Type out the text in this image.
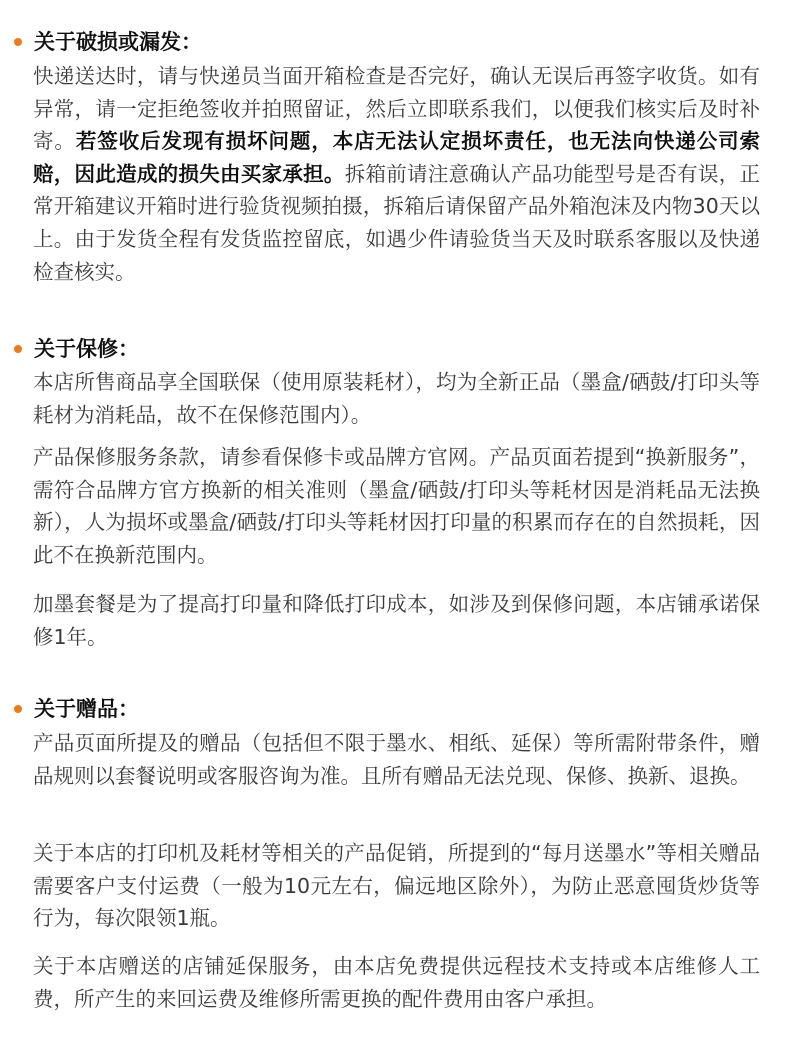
关于破损或漏发：

快递送达时，请与快递员当面开箱检查是否完好，确认无误后再签字收货。如有异常，请一定拒绝签收并拍照留证，然后立即联系我们，以便我们核实后及时补寄。若签收后发现有损坏问题，本店无法认定损坏责任，也无法向快递公司索赔，因此造成的损失由买家承担。拆箱前请注意确认产品功能型号是否有误，正常开箱建议开箱时进行验货视频拍摄，拆箱后请保留产品外箱泡沫及内物30天以上。由于发货全程有发货监控留底，如遇少件请验货当天及时联系客服以及快递检查核实。

关于保修：

本店所售商品享全国联保（使用原装耗材），均为全新正品（墨盒/硒鼓/打印头等耗材为消耗品，故不在保修范围内）。

产品保修服务条款，请参看保修卡或品牌方官网。产品页面若提到“换新服务”，需符合品牌方官方换新的相关准则（墨盒/硒鼓/打印头等耗材因是消耗品无法换新），人为损坏或墨盒/硒鼓/打印头等耗材因打印量的积累而存在的自然损耗，因此不在换新范围内。

加墨套餐是为了提高打印量和降低打印成本，如涉及到保修问题，本店铺承诺保修1年。

关于赠品：

产品页面所提及的赠品（包括但不限于墨水、相纸、延保）等所需附带条件，赠品规则以套餐说明或客服咨询为准。且所有赠品无法兑现、保修、换新、退换。

关于本店的打印机及耗材等相关的产品促销，所提到的“每月送墨水”等相关赠品需要客户支付运费（一般为10元左右，偏远地区除外），为防止恶意囤货炒货等行为，每次限领1瓶。

关于本店赠送的店铺延保服务，由本店免费提供远程技术支持或本店维修人工费，所产生的来回运费及维修所需更换的配件费用由客户承担。
